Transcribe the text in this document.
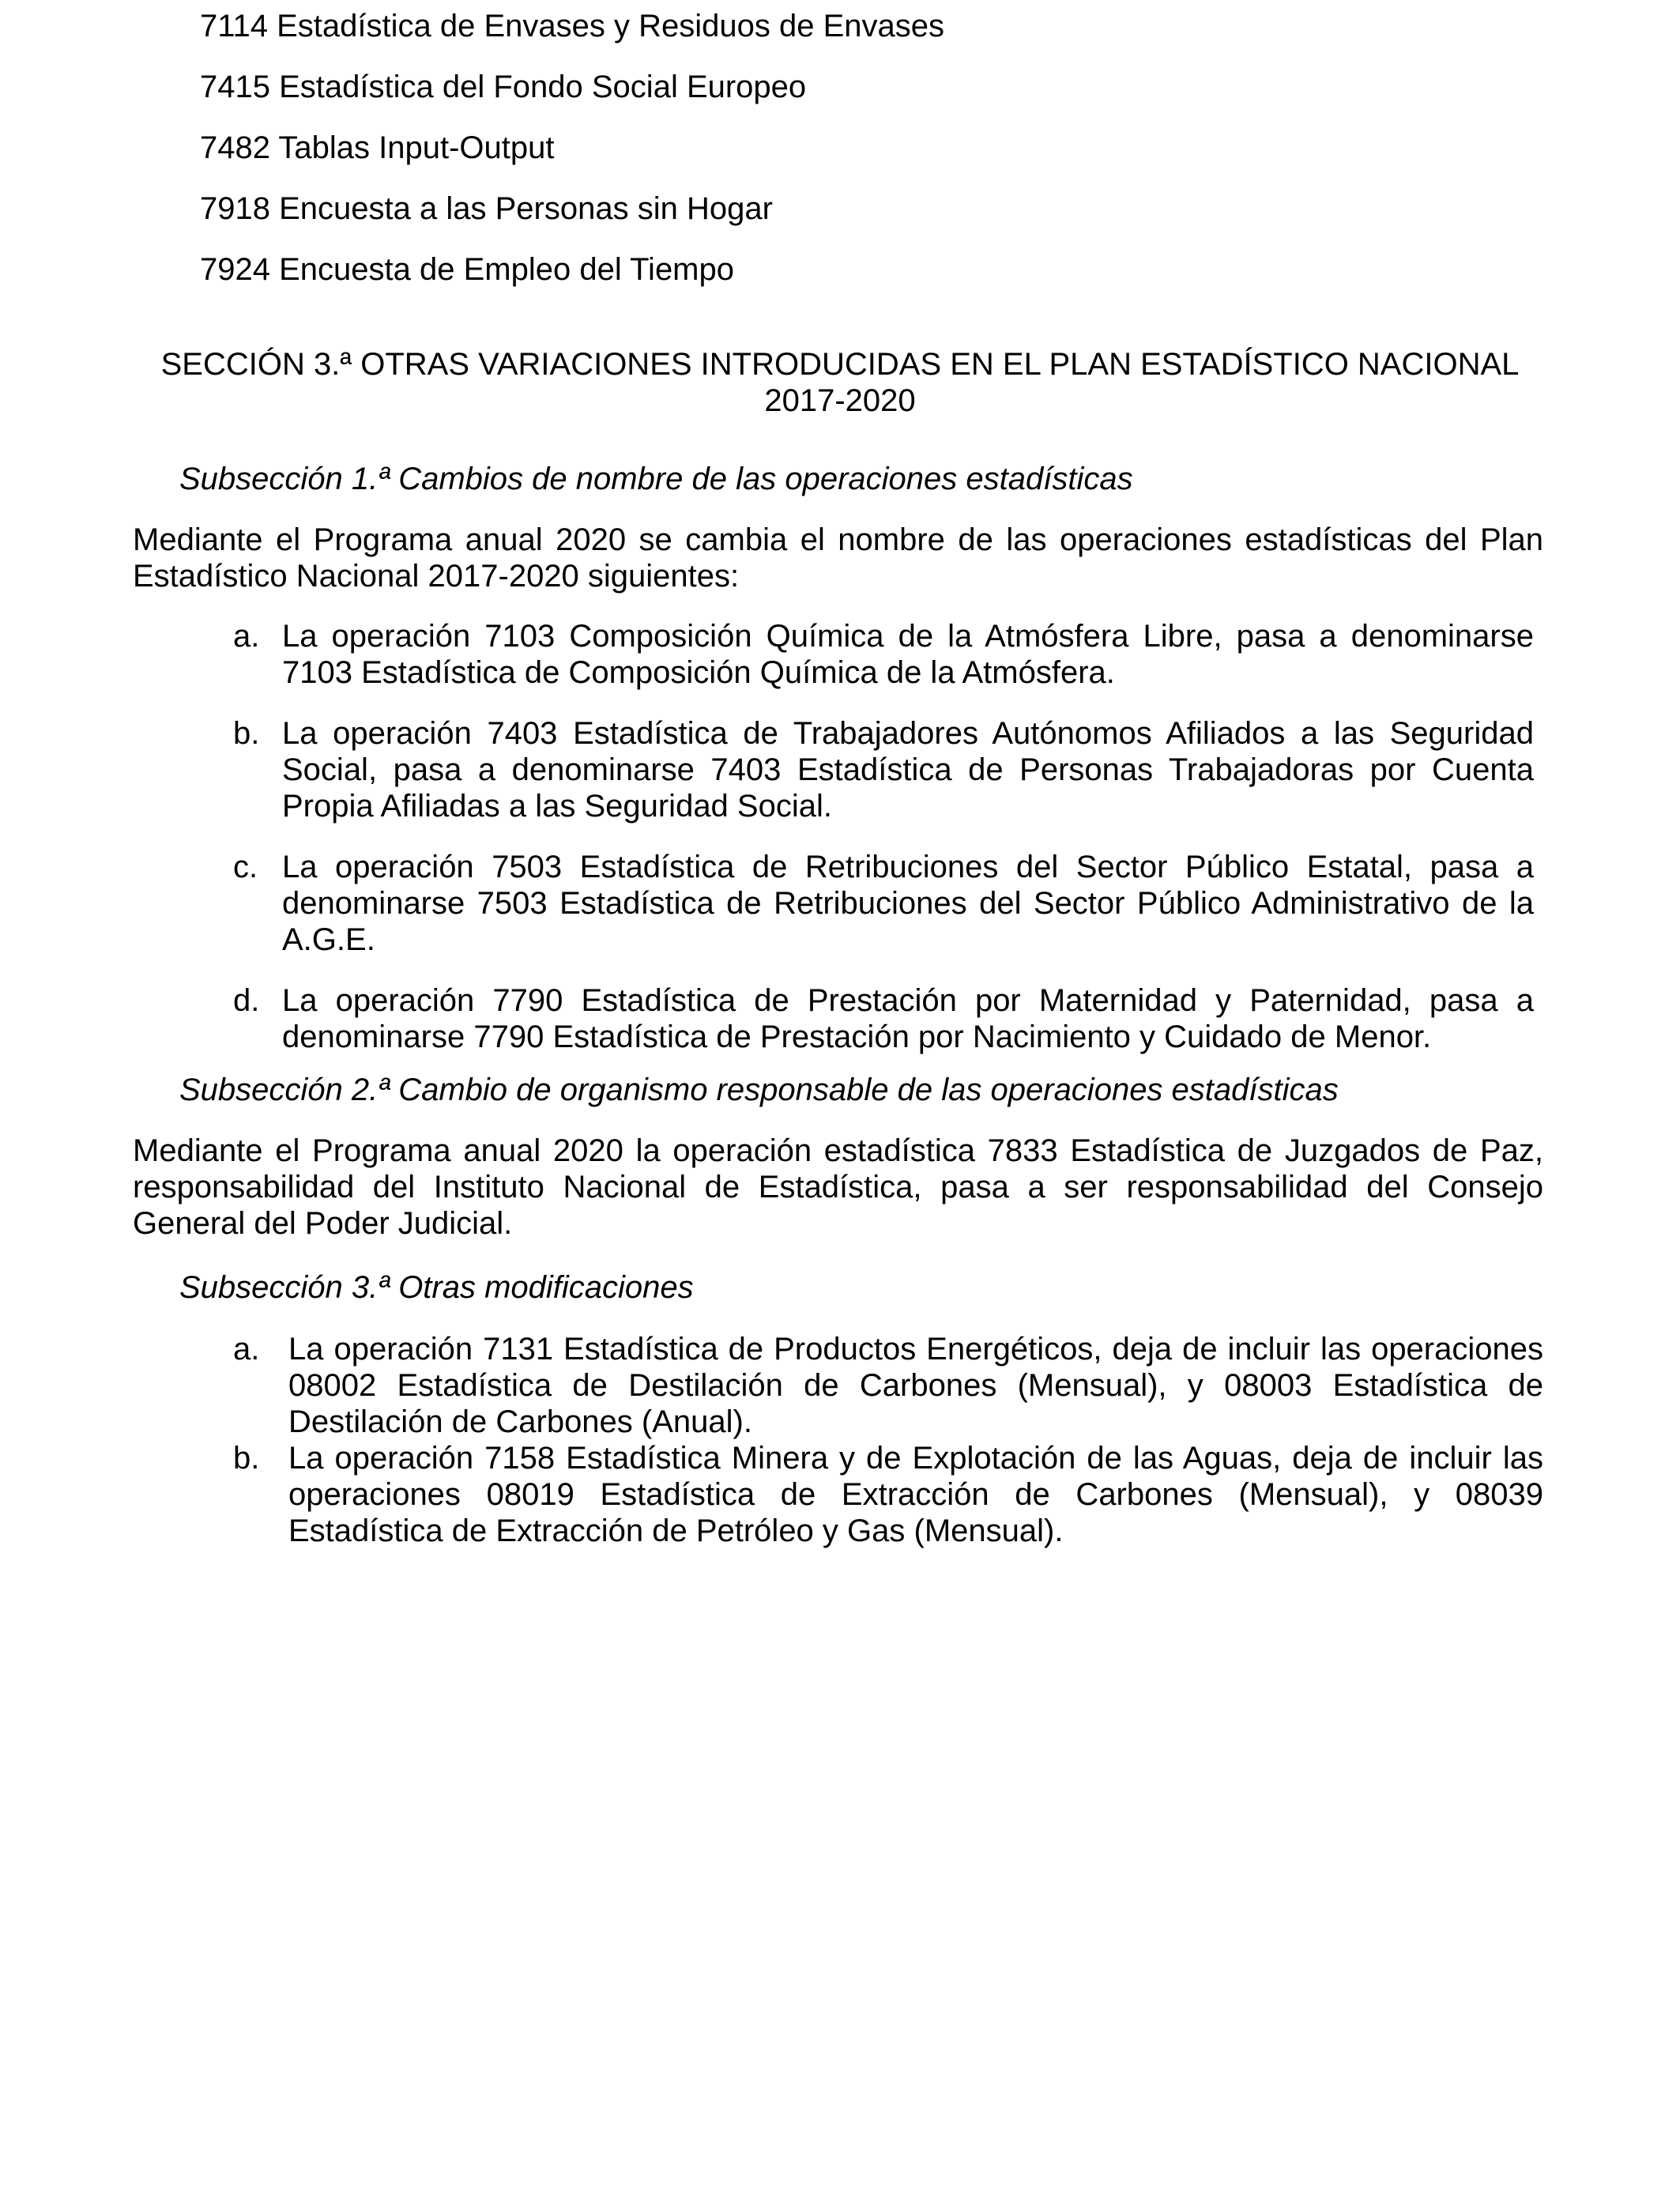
7114 Estadística de Envases y Residuos de Envases
7415 Estadística del Fondo Social Europeo
7482 Tablas Input-Output
7918 Encuesta a las Personas sin Hogar
7924 Encuesta de Empleo del Tiempo
SECCIÓN 3.ª OTRAS VARIACIONES INTRODUCIDAS EN EL PLAN ESTADÍSTICO NACIONAL
2017-2020
Subsección 1.ª Cambios de nombre de las operaciones estadísticas
Mediante el Programa anual 2020 se cambia el nombre de las operaciones estadísticas del Plan Estadístico Nacional 2017-2020 siguientes:
a. La operación 7103 Composición Química de la Atmósfera Libre, pasa a denominarse 7103 Estadística de Composición Química de la Atmósfera.
b. La operación 7403 Estadística de Trabajadores Autónomos Afiliados a las Seguridad Social, pasa a denominarse 7403 Estadística de Personas Trabajadoras por Cuenta Propia Afiliadas a las Seguridad Social.
c. La operación 7503 Estadística de Retribuciones del Sector Público Estatal, pasa a denominarse 7503 Estadística de Retribuciones del Sector Público Administrativo de la A.G.E.
d. La operación 7790 Estadística de Prestación por Maternidad y Paternidad, pasa a denominarse 7790 Estadística de Prestación por Nacimiento y Cuidado de Menor.
Subsección 2.ª Cambio de organismo responsable de las operaciones estadísticas
Mediante el Programa anual 2020 la operación estadística 7833 Estadística de Juzgados de Paz, responsabilidad del Instituto Nacional de Estadística, pasa a ser responsabilidad del Consejo General del Poder Judicial.
Subsección 3.ª Otras modificaciones
a. La operación 7131 Estadística de Productos Energéticos, deja de incluir las operaciones 08002 Estadística de Destilación de Carbones (Mensual), y 08003 Estadística de Destilación de Carbones (Anual).
b. La operación 7158 Estadística Minera y de Explotación de las Aguas, deja de incluir las operaciones 08019 Estadística de Extracción de Carbones (Mensual), y 08039 Estadística de Extracción de Petróleo y Gas (Mensual).
